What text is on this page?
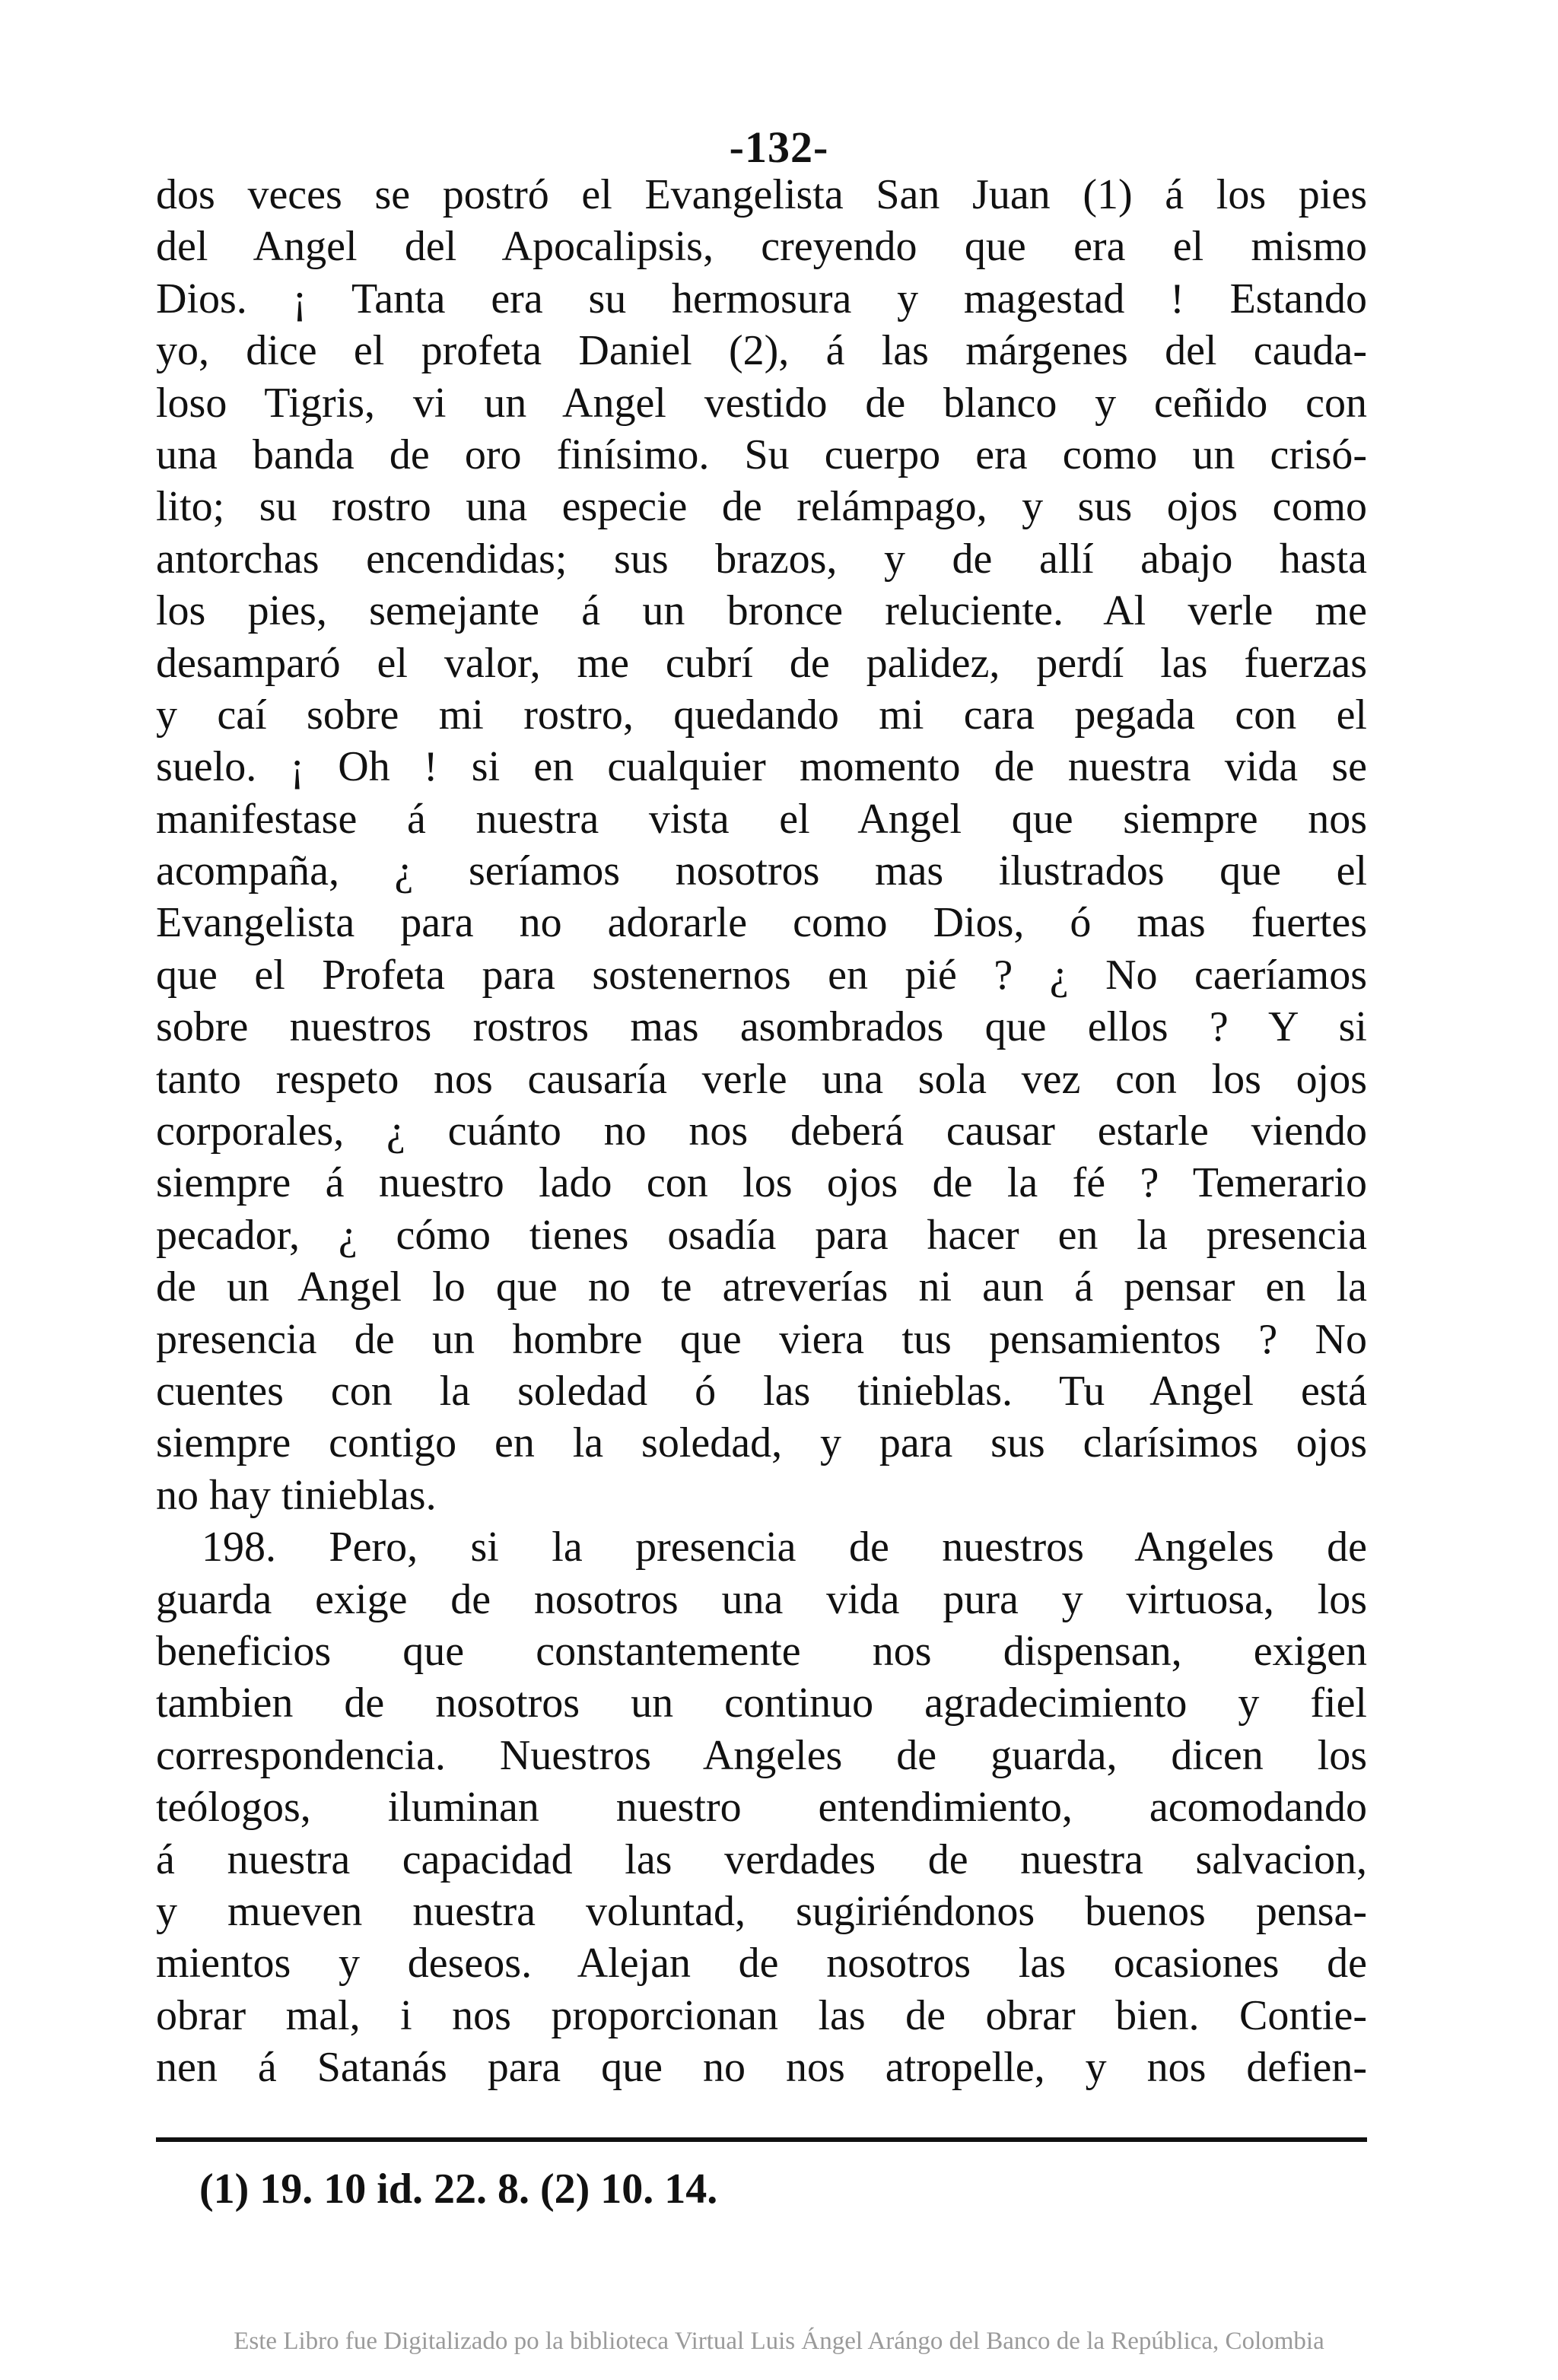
-132-
dos veces se postró el Evangelista San Juan (1) á los pies
del Angel del Apocalipsis, creyendo que era el mismo
Dios. ¡ Tanta era su hermosura y magestad ! Estando
yo, dice el profeta Daniel (2), á las márgenes del cauda-
loso Tigris, vi un Angel vestido de blanco y ceñido con
una banda de oro finísimo. Su cuerpo era como un crisó-
lito; su rostro una especie de relámpago, y sus ojos como
antorchas encendidas; sus brazos, y de allí abajo hasta
los pies, semejante á un bronce reluciente. Al verle me
desamparó el valor, me cubrí de palidez, perdí las fuerzas
y caí sobre mi rostro, quedando mi cara pegada con el
suelo. ¡ Oh ! si en cualquier momento de nuestra vida se
manifestase á nuestra vista el Angel que siempre nos
acompaña, ¿ seríamos nosotros mas ilustrados que el
Evangelista para no adorarle como Dios, ó mas fuertes
que el Profeta para sostenernos en pié ? ¿ No caeríamos
sobre nuestros rostros mas asombrados que ellos ? Y si
tanto respeto nos causaría verle una sola vez con los ojos
corporales, ¿ cuánto no nos deberá causar estarle viendo
siempre á nuestro lado con los ojos de la fé ? Temerario
pecador, ¿ cómo tienes osadía para hacer en la presencia
de un Angel lo que no te atreverías ni aun á pensar en la
presencia de un hombre que viera tus pensamientos ? No
cuentes con la soledad ó las tinieblas. Tu Angel está
siempre contigo en la soledad, y para sus clarísimos ojos
no hay tinieblas.
198. Pero, si la presencia de nuestros Angeles de
guarda exige de nosotros una vida pura y virtuosa, los
beneficios que constantemente nos dispensan, exigen
tambien de nosotros un continuo agradecimiento y fiel
correspondencia. Nuestros Angeles de guarda, dicen los
teólogos, iluminan nuestro entendimiento, acomodando
á nuestra capacidad las verdades de nuestra salvacion,
y mueven nuestra voluntad, sugiriéndonos buenos pensa-
mientos y deseos. Alejan de nosotros las ocasiones de
obrar mal, i nos proporcionan las de obrar bien. Contie-
nen á Satanás para que no nos atropelle, y nos defien-
(1) 19. 10 id. 22. 8. (2) 10. 14.
Este Libro fue Digitalizado po la biblioteca Virtual Luis Ángel Arángo del Banco de la República, Colombia
